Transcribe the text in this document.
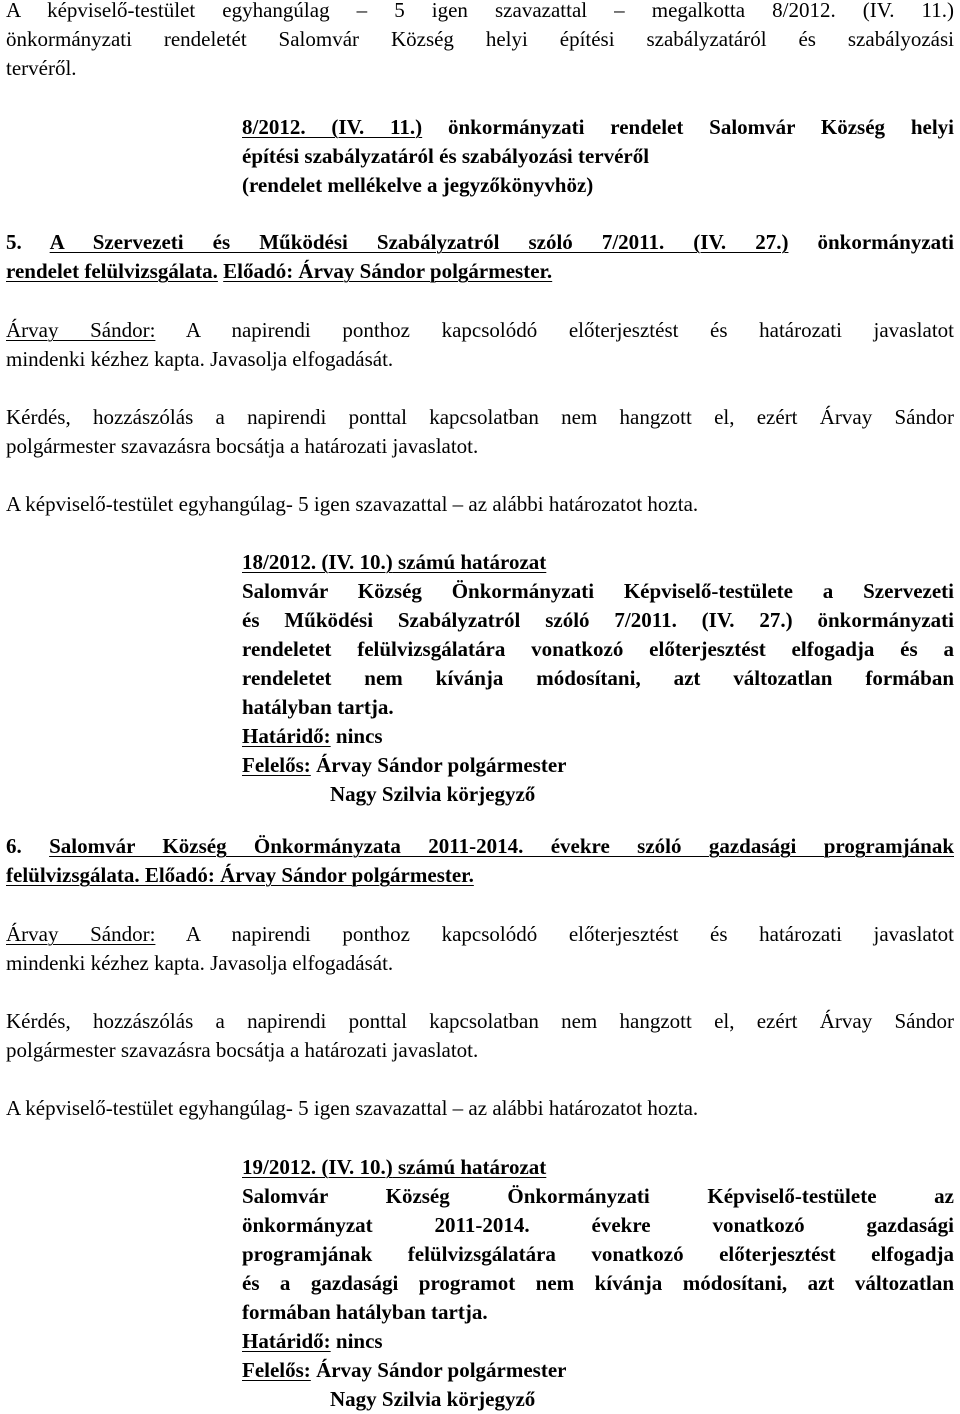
A képviselő-testület egyhangúlag – 5 igen szavazattal – megalkotta 8/2012. (IV. 11.)
önkormányzati rendeletét Salomvár Község helyi építési szabályzatáról és szabályozási
tervéről.
8/2012. (IV. 11.) önkormányzati rendelet Salomvár Község helyi
építési szabályzatáról és szabályozási tervéről
(rendelet mellékelve a jegyzőkönyvhöz)
5. A Szervezeti és Működési Szabályzatról szóló 7/2011. (IV. 27.) önkormányzati
rendelet felülvizsgálata. Előadó: Árvay Sándor polgármester.
Árvay Sándor: A napirendi ponthoz kapcsolódó előterjesztést és határozati javaslatot
mindenki kézhez kapta. Javasolja elfogadását.
Kérdés, hozzászólás a napirendi ponttal kapcsolatban nem hangzott el, ezért Árvay Sándor
polgármester szavazásra bocsátja a határozati javaslatot.
A képviselő-testület egyhangúlag- 5 igen szavazattal – az alábbi határozatot hozta.
18/2012. (IV. 10.) számú határozat
Salomvár Község Önkormányzati Képviselő-testülete a Szervezeti
és Működési Szabályzatról szóló 7/2011. (IV. 27.) önkormányzati
rendeletet felülvizsgálatára vonatkozó előterjesztést elfogadja és a
rendeletet nem kívánja módosítani, azt változatlan formában
hatályban tartja.
Határidő: nincs
Felelős: Árvay Sándor polgármester
Nagy Szilvia körjegyző
6. Salomvár Község Önkormányzata 2011-2014. évekre szóló gazdasági programjának
felülvizsgálata. Előadó: Árvay Sándor polgármester.
Árvay Sándor: A napirendi ponthoz kapcsolódó előterjesztést és határozati javaslatot
mindenki kézhez kapta. Javasolja elfogadását.
Kérdés, hozzászólás a napirendi ponttal kapcsolatban nem hangzott el, ezért Árvay Sándor
polgármester szavazásra bocsátja a határozati javaslatot.
A képviselő-testület egyhangúlag- 5 igen szavazattal – az alábbi határozatot hozta.
19/2012. (IV. 10.) számú határozat
Salomvár Község Önkormányzati Képviselő-testülete az
önkormányzat 2011-2014. évekre vonatkozó gazdasági
programjának felülvizsgálatára vonatkozó előterjesztést elfogadja
és a gazdasági programot nem kívánja módosítani, azt változatlan
formában hatályban tartja.
Határidő: nincs
Felelős: Árvay Sándor polgármester
Nagy Szilvia körjegyző
